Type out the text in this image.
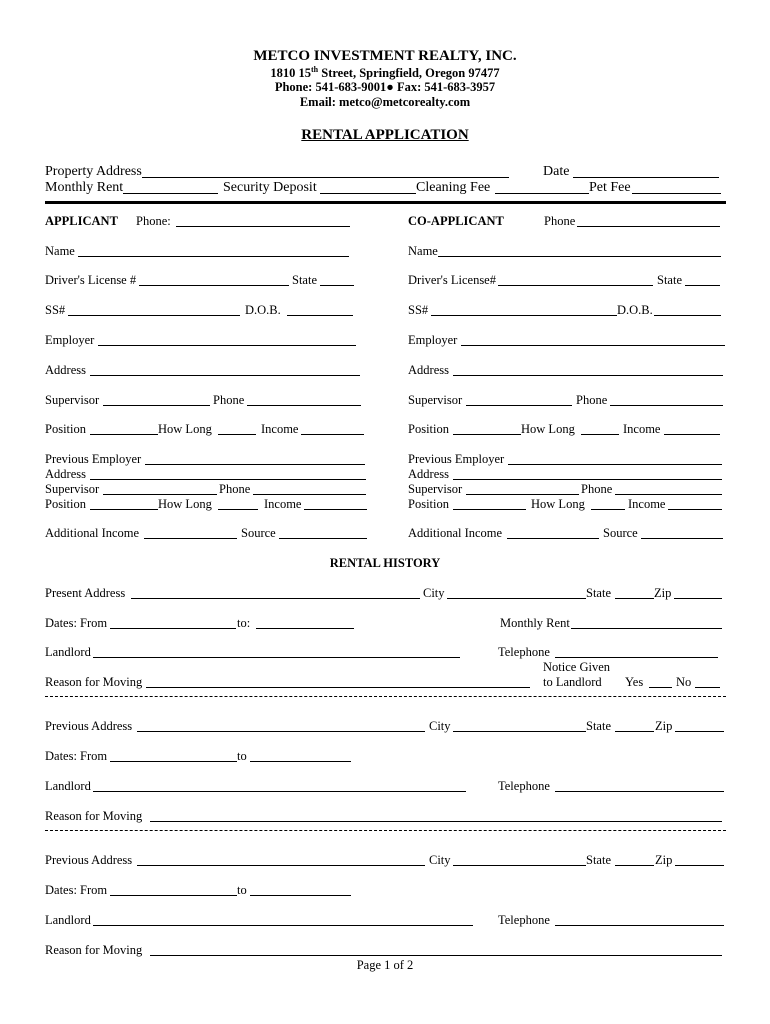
METCO INVESTMENT REALTY, INC.
1810 15th Street, Springfield, Oregon 97477
Phone: 541-683-9001● Fax: 541-683-3957
Email: metco@metcorealty.com
RENTAL APPLICATION
Property Address	Date
Monthly Rent	Security Deposit	Cleaning Fee	Pet Fee
APPLICANT Phone:
Name
Driver's License #	State
SS#	D.O.B.
Employer
Address
Supervisor	Phone
Position	How Long	Income
Previous Employer
Address
Supervisor	Phone
Position	How Long	Income
Additional Income	Source
CO-APPLICANT	Phone
Name
Driver's License#	State
SS#	D.O.B.
Employer
Address
Supervisor	Phone
Position	How Long	Income
Previous Employer
Address
Supervisor	Phone
Position	How Long	Income
Additional Income	Source
RENTAL HISTORY
Present Address	City	State	Zip
Dates: From	to:	Monthly Rent
Landlord	Telephone
Notice Given
Reason for Moving	to Landlord Yes	No
Previous Address	City	State	Zip
Dates: From	to
Landlord	Telephone
Reason for Moving
Previous Address	City	State	Zip
Dates: From	to
Landlord	Telephone
Reason for Moving
Page 1 of 2
